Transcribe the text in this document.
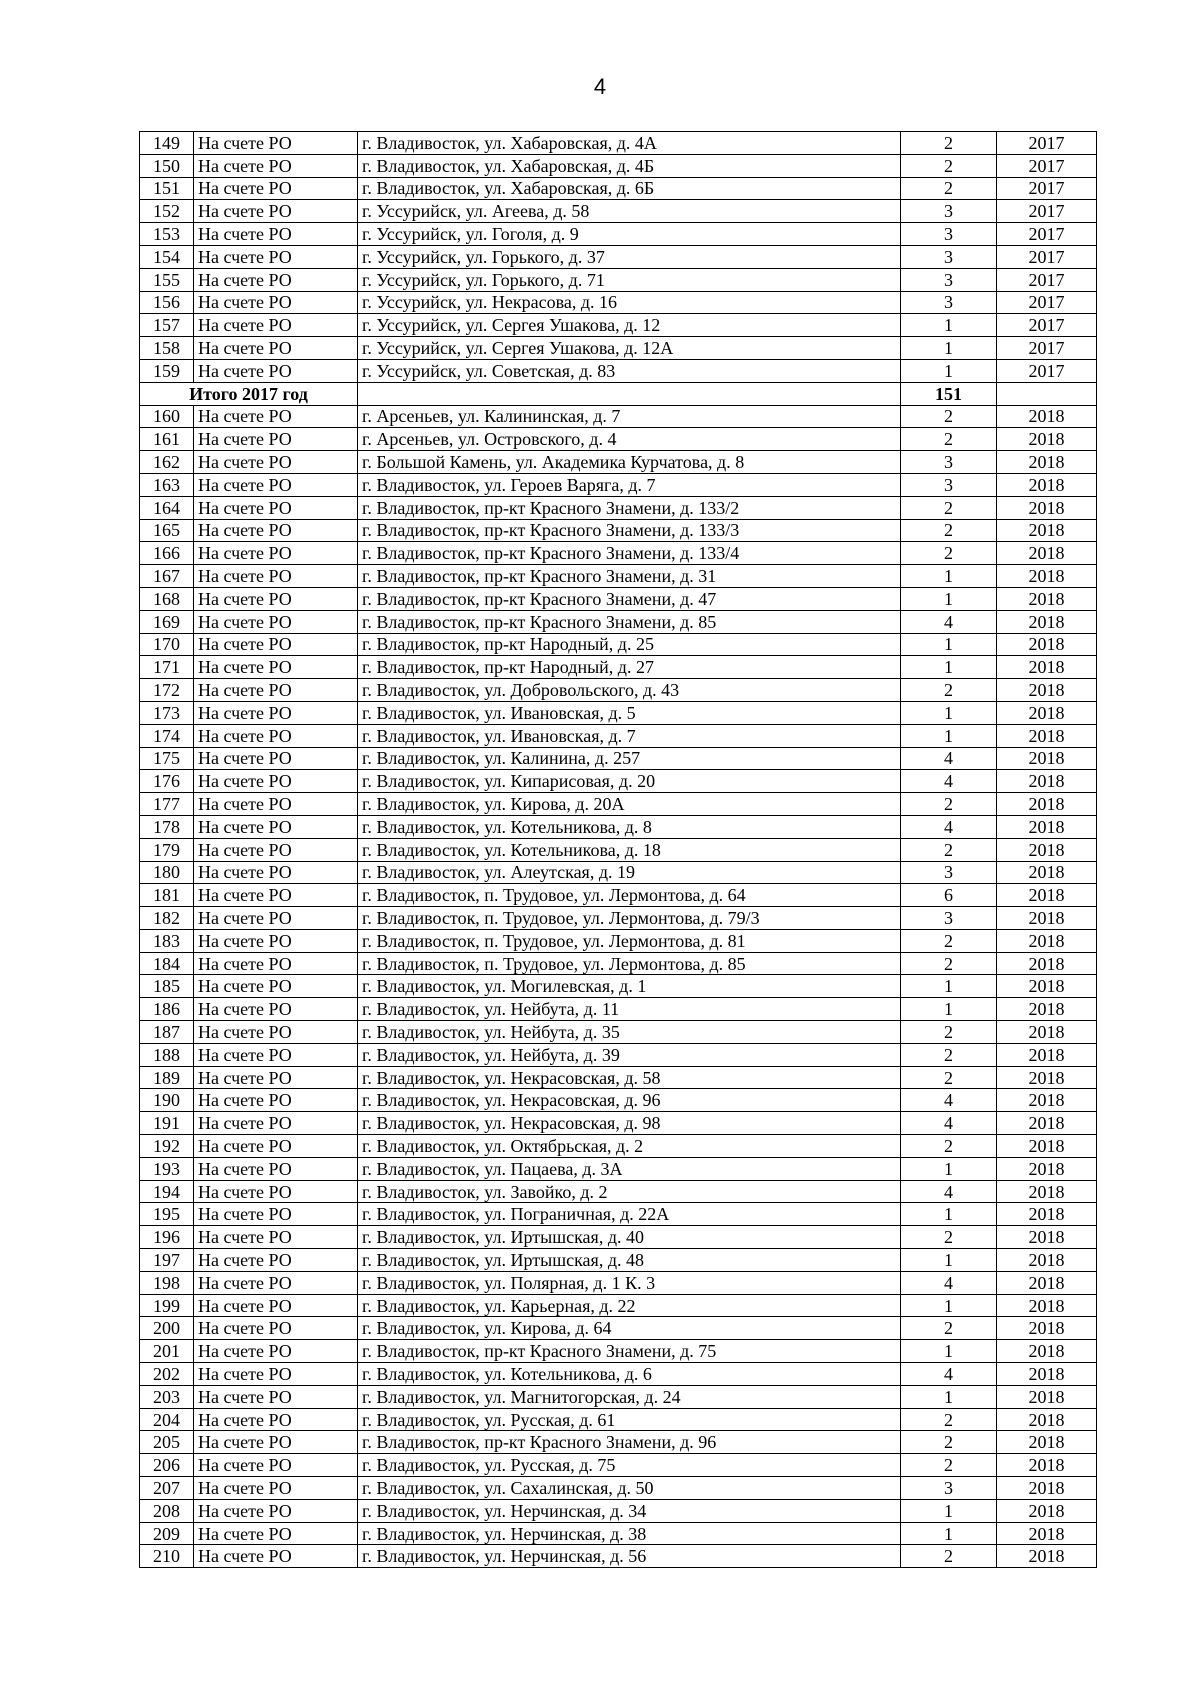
4
149	На счете РО	г. Владивосток, ул. Хабаровская, д. 4А	2	2017
150	На счете РО	г. Владивосток, ул. Хабаровская, д. 4Б	2	2017
151	На счете РО	г. Владивосток, ул. Хабаровская, д. 6Б	2	2017
152	На счете РО	г. Уссурийск, ул. Агеева, д. 58	3	2017
153	На счете РО	г. Уссурийск, ул. Гоголя, д. 9	3	2017
154	На счете РО	г. Уссурийск, ул. Горького, д. 37	3	2017
155	На счете РО	г. Уссурийск, ул. Горького, д. 71	3	2017
156	На счете РО	г. Уссурийск, ул. Некрасова, д. 16	3	2017
157	На счете РО	г. Уссурийск, ул. Сергея Ушакова, д. 12	1	2017
158	На счете РО	г. Уссурийск, ул. Сергея Ушакова, д. 12А	1	2017
159	На счете РО	г. Уссурийск, ул. Советская, д. 83	1	2017
Итого 2017 год			151	
160	На счете РО	г. Арсеньев, ул. Калининская, д. 7	2	2018
161	На счете РО	г. Арсеньев, ул. Островского, д. 4	2	2018
162	На счете РО	г. Большой Камень, ул. Академика Курчатова, д. 8	3	2018
163	На счете РО	г. Владивосток, ул. Героев Варяга, д. 7	3	2018
164	На счете РО	г. Владивосток, пр-кт Красного Знамени, д. 133/2	2	2018
165	На счете РО	г. Владивосток, пр-кт Красного Знамени, д. 133/3	2	2018
166	На счете РО	г. Владивосток, пр-кт Красного Знамени, д. 133/4	2	2018
167	На счете РО	г. Владивосток, пр-кт Красного Знамени, д. 31	1	2018
168	На счете РО	г. Владивосток, пр-кт Красного Знамени, д. 47	1	2018
169	На счете РО	г. Владивосток, пр-кт Красного Знамени, д. 85	4	2018
170	На счете РО	г. Владивосток, пр-кт Народный, д. 25	1	2018
171	На счете РО	г. Владивосток, пр-кт Народный, д. 27	1	2018
172	На счете РО	г. Владивосток, ул. Добровольского, д. 43	2	2018
173	На счете РО	г. Владивосток, ул. Ивановская, д. 5	1	2018
174	На счете РО	г. Владивосток, ул. Ивановская, д. 7	1	2018
175	На счете РО	г. Владивосток, ул. Калинина, д. 257	4	2018
176	На счете РО	г. Владивосток, ул. Кипарисовая, д. 20	4	2018
177	На счете РО	г. Владивосток, ул. Кирова, д. 20А	2	2018
178	На счете РО	г. Владивосток, ул. Котельникова, д. 8	4	2018
179	На счете РО	г. Владивосток, ул. Котельникова, д. 18	2	2018
180	На счете РО	г. Владивосток, ул. Алеутская, д. 19	3	2018
181	На счете РО	г. Владивосток, п. Трудовое, ул. Лермонтова, д. 64	6	2018
182	На счете РО	г. Владивосток, п. Трудовое, ул. Лермонтова, д. 79/3	3	2018
183	На счете РО	г. Владивосток, п. Трудовое, ул. Лермонтова, д. 81	2	2018
184	На счете РО	г. Владивосток, п. Трудовое, ул. Лермонтова, д. 85	2	2018
185	На счете РО	г. Владивосток, ул. Могилевская, д. 1	1	2018
186	На счете РО	г. Владивосток, ул. Нейбута, д. 11	1	2018
187	На счете РО	г. Владивосток, ул. Нейбута, д. 35	2	2018
188	На счете РО	г. Владивосток, ул. Нейбута, д. 39	2	2018
189	На счете РО	г. Владивосток, ул. Некрасовская, д. 58	2	2018
190	На счете РО	г. Владивосток, ул. Некрасовская, д. 96	4	2018
191	На счете РО	г. Владивосток, ул. Некрасовская, д. 98	4	2018
192	На счете РО	г. Владивосток, ул. Октябрьская, д. 2	2	2018
193	На счете РО	г. Владивосток, ул. Пацаева, д. 3А	1	2018
194	На счете РО	г. Владивосток, ул. Завойко, д. 2	4	2018
195	На счете РО	г. Владивосток, ул. Пограничная, д. 22А	1	2018
196	На счете РО	г. Владивосток, ул. Иртышская, д. 40	2	2018
197	На счете РО	г. Владивосток, ул. Иртышская, д. 48	1	2018
198	На счете РО	г. Владивосток, ул. Полярная, д. 1 К. 3	4	2018
199	На счете РО	г. Владивосток, ул. Карьерная, д. 22	1	2018
200	На счете РО	г. Владивосток, ул. Кирова, д. 64	2	2018
201	На счете РО	г. Владивосток, пр-кт Красного Знамени, д. 75	1	2018
202	На счете РО	г. Владивосток, ул. Котельникова, д. 6	4	2018
203	На счете РО	г. Владивосток, ул. Магнитогорская, д. 24	1	2018
204	На счете РО	г. Владивосток, ул. Русская, д. 61	2	2018
205	На счете РО	г. Владивосток, пр-кт Красного Знамени, д. 96	2	2018
206	На счете РО	г. Владивосток, ул. Русская, д. 75	2	2018
207	На счете РО	г. Владивосток, ул. Сахалинская, д. 50	3	2018
208	На счете РО	г. Владивосток, ул. Нерчинская, д. 34	1	2018
209	На счете РО	г. Владивосток, ул. Нерчинская, д. 38	1	2018
210	На счете РО	г. Владивосток, ул. Нерчинская, д. 56	2	2018
